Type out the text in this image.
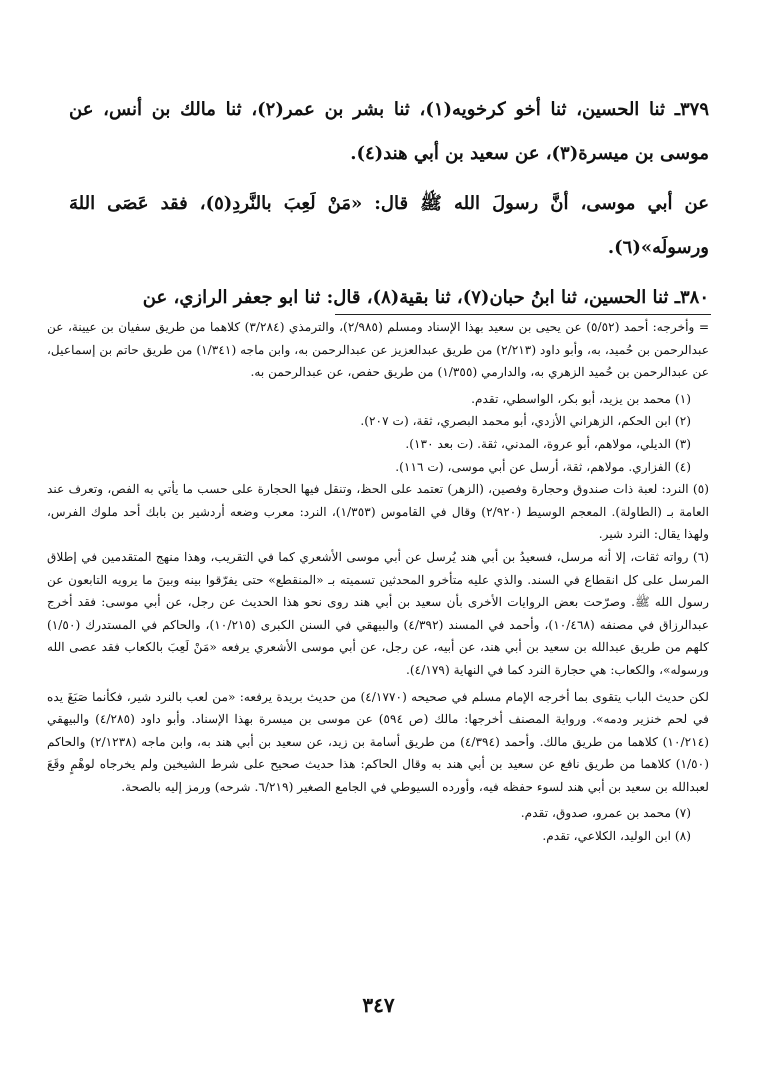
٣٧٩ـ ثنا الحسين، ثنا أخو كرخويه(١)، ثنا بشر بن عمر(٢)، ثنا مالك بن أنس، عن موسى بن ميسرة(٣)، عن سعيد بن أبي هند(٤).

عن أبي موسى، أنَّ رسولَ الله ﷺ قال: «مَنْ لَعِبَ بالنَّردِ(٥)، فقد عَصَى اللهَ ورسولَه»(٦).

٣٨٠ـ ثنا الحسين، ثنا ابنُ حبان(٧)، ثنا بقية(٨)، قال: ثنا ابو جعفر الرازي، عن

= وأخرجه: أحمد (٥/٥٢) عن يحيى بن سعيد بهذا الإسناد ومسلم (٢/٩٨٥)، والترمذي (٣/٢٨٤) كلاهما من طريق سفيان بن عيينة، عن عبدالرحمن بن حُميد، به، وأبو داود (٢/٢١٣) من طريق عبدالعزيز عن عبدالرحمن به، وابن ماجه (١/٣٤١) من طريق حاتم بن إسماعيل، عن عبدالرحمن بن حُميد الزهري به، والدارمي (١/٣٥٥) من طريق حفص، عن عبدالرحمن به.

(١) محمد بن يزيد، أبو بكر، الواسطي، تقدم.

(٢) ابن الحكم، الزهراني الأزدي، أبو محمد البصري، ثقة، (ت ٢٠٧).

(٣) الديلي، مولاهم، أبو عروة، المدني، ثقة. (ت بعد ١٣٠).

(٤) الفزاري. مولاهم، ثقة، أرسل عن أبي موسى، (ت ١١٦).

(٥) النرد: لعبة ذات صندوق وحجارة وفصين، (الزهر) تعتمد على الحظ، وتنقل فيها الحجارة على حسب ما يأتي به الفص، وتعرف عند العامة بـ (الطاولة). المعجم الوسيط (٢/٩٢٠) وقال في القاموس (١/٣٥٣)، النرد: معرب وضعه أردشير بن بابك أحد ملوك الفرس، ولهذا يقال: النرد شير.

(٦) رواته ثقات، إلا أنه مرسل، فسعيدُ بن أبي هند يُرسل عن أبي موسى الأشعري كما في التقريب، وهذا منهج المتقدمين في إطلاق المرسل على كل انقطاع في السند. والذي عليه متأخرو المحدثين تسميته بـ «المنقطع» حتى يفرّقوا بينه وبينَ ما يرويه التابعون عن رسول الله ﷺ. وصرّحت بعض الروايات الأخرى بأن سعيد بن أبي هند روى نحو هذا الحديث عن رجل، عن أبي موسى: فقد أخرج عبدالرزاق في مصنفه (١٠/٤٦٨)، وأحمد في المسند (٤/٣٩٢) والبيهقي في السنن الكبرى (١٠/٢١٥)، والحاكم في المستدرك (١/٥٠) كلهم من طريق عبدالله بن سعيد بن أبي هند، عن أبيه، عن رجل، عن أبي موسى الأشعري يرفعه «مَنْ لَعِبَ بالكعاب فقد عصى الله ورسوله»، والكعاب: هي حجارة النرد كما في النهاية (٤/١٧٩).

لكن حديث الباب يتقوى بما أخرجه الإمام مسلم في صحيحه (٤/١٧٧٠) من حديث بريدة يرفعه: «من لعب بالنرد شير، فكأنما صَبَغَ يده في لحم خنزير ودمه». ورواية المصنف أخرجها: مالك (ص ٥٩٤) عن موسى بن ميسرة بهذا الإسناد. وأبو داود (٤/٢٨٥) والبيهقي (١٠/٢١٤) كلاهما من طريق مالك. وأحمد (٤/٣٩٤) من طريق أسامة بن زيد، عن سعيد بن أبي هند به، وابن ماجه (٢/١٢٣٨) والحاكم (١/٥٠) كلاهما من طريق نافع عن سعيد بن أبي هند به وقال الحاكم: هذا حديث صحيح على شرط الشيخين ولم يخرجاه لوهْمٍ وقَعَ لعبدالله بن سعيد بن أبي هند لسوء حفظه فيه، وأورده السيوطي في الجامع الصغير (٦/٢١٩. شرحه) ورمز إليه بالصحة.

(٧) محمد بن عمرو، صدوق، تقدم.

(٨) ابن الوليد، الكلاعي، تقدم.

٣٤٧
